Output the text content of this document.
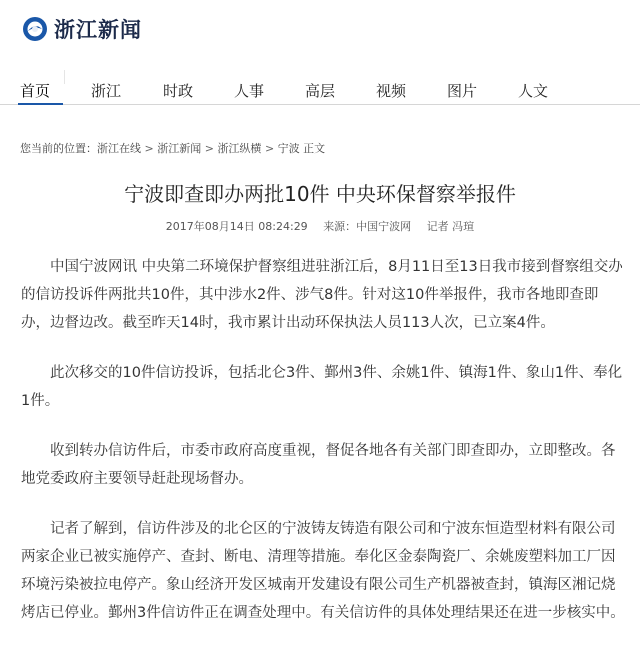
浙江新闻
首页	浙江	时政	人事	高层	视频	图片	人文
您当前的位置：浙江在线 > 浙江新闻 > 浙江纵横 > 宁波 正文
宁波即查即办两批10件 中央环保督察举报件
2017年08月14日 08:24:29 来源：中国宁波网 记者 冯瑄

中国宁波网讯 中央第二环境保护督察组进驻浙江后，8月11日至13日我市接到督察组交办的信访投诉件两批共10件，其中涉水2件、涉气8件。针对这10件举报件，我市各地即查即办，边督边改。截至昨天14时，我市累计出动环保执法人员113人次，已立案4件。

此次移交的10件信访投诉，包括北仑3件、鄞州3件、余姚1件、镇海1件、象山1件、奉化1件。

收到转办信访件后，市委市政府高度重视，督促各地各有关部门即查即办，立即整改。各地党委政府主要领导赶赴现场督办。

记者了解到，信访件涉及的北仑区的宁波铸友铸造有限公司和宁波东恒造型材料有限公司两家企业已被实施停产、查封、断电、清理等措施。奉化区金泰陶瓷厂、余姚废塑料加工厂因环境污染被拉电停产。象山经济开发区城南开发建设有限公司生产机器被查封，镇海区湘记烧烤店已停业。鄞州3件信访件正在调查处理中。有关信访件的具体处理结果还在进一步核实中。
